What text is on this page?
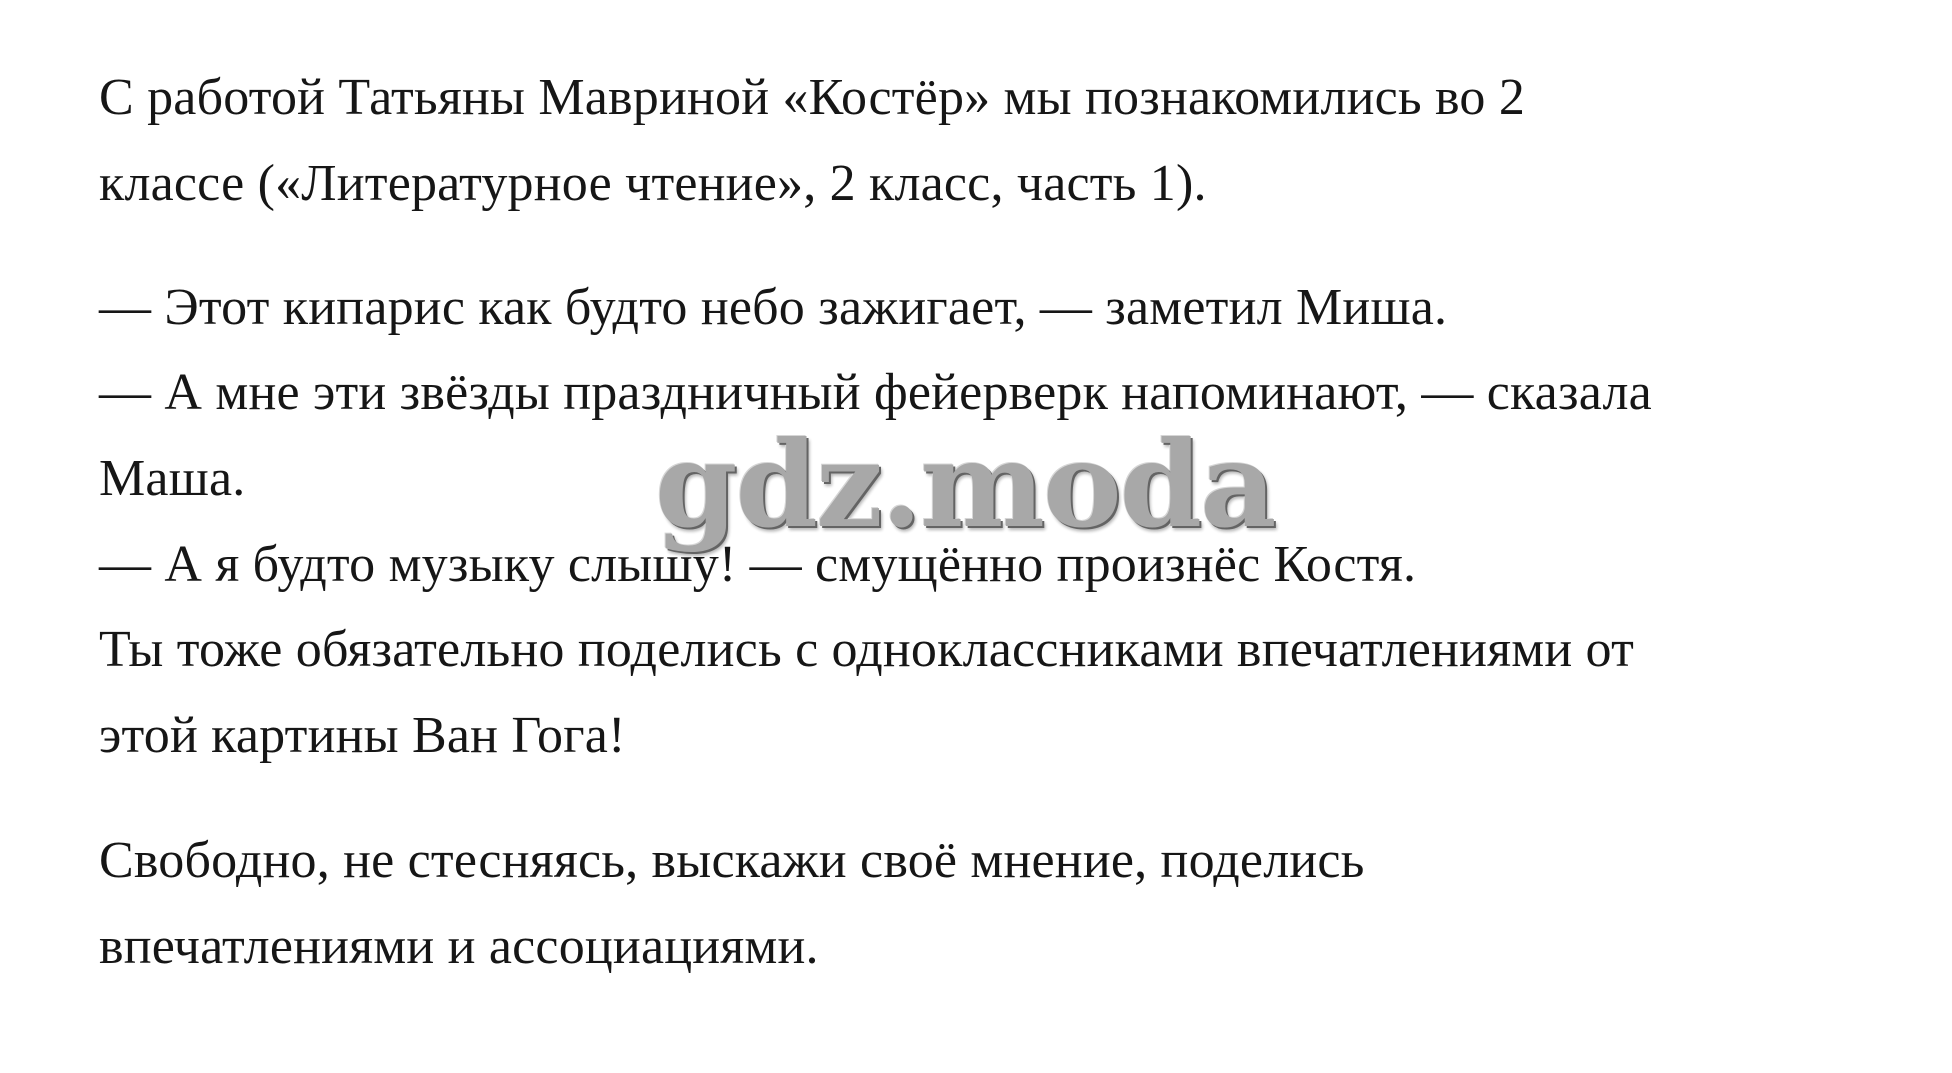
С работой Татьяны Мавриной «Костёр» мы познакомились во 2
классе («Литературное чтение», 2 класс, часть 1).
— Этот кипарис как будто небо зажигает, — заметил Миша.
— А мне эти звёзды праздничный фейерверк напоминают, — сказала
Маша.
— А я будто музыку слышу! — смущённо произнёс Костя.
Ты тоже обязательно поделись с одноклассниками впечатлениями от
этой картины Ван Гога!
Свободно, не стесняясь, выскажи своё мнение, поделись
впечатлениями и ассоциациями.
gdz.moda
